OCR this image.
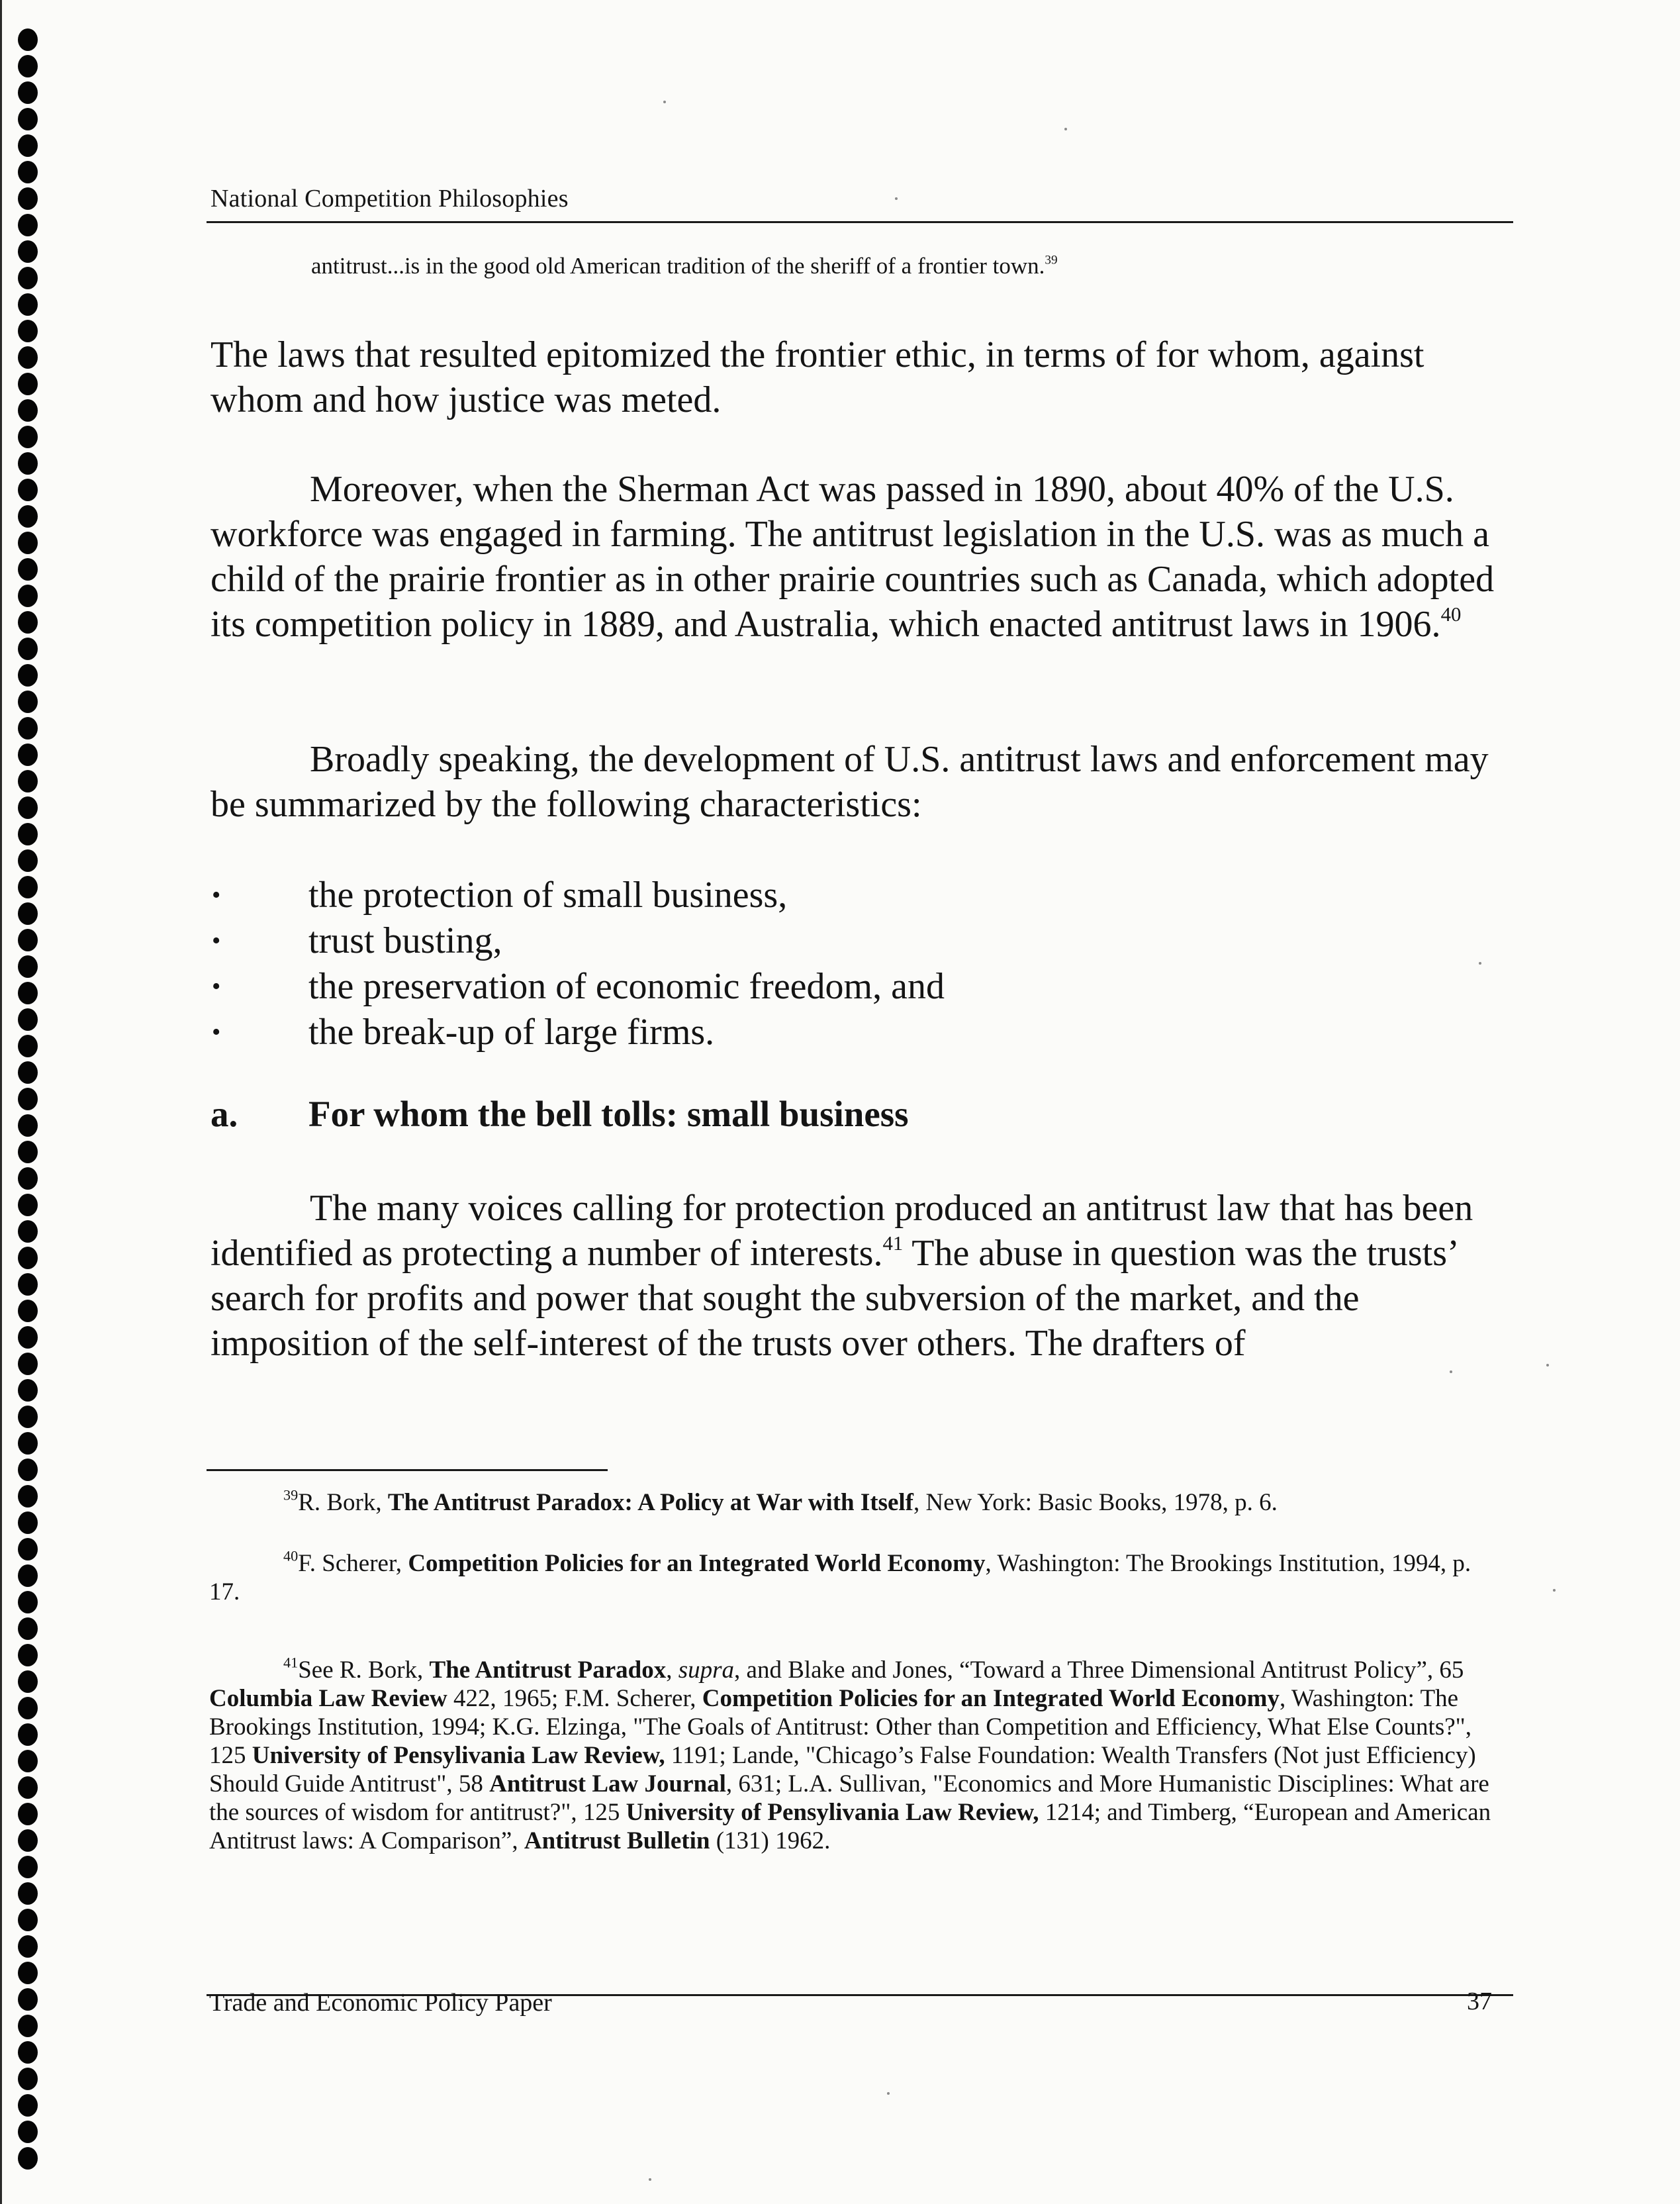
National Competition Philosophies
antitrust...is in the good old American tradition of the sheriff of a frontier town.$^{39}$
The laws that resulted epitomized the frontier ethic, in terms of for whom, against whom and how justice was meted.
Moreover, when the Sherman Act was passed in 1890, about 40% of the U.S. workforce was engaged in farming. The antitrust legislation in the U.S. was as much a child of the prairie frontier as in other prairie countries such as Canada, which adopted its competition policy in 1889, and Australia, which enacted antitrust laws in 1906.40
Broadly speaking, the development of U.S. antitrust laws and enforcement may be summarized by the following characteristics:
• the protection of small business,
• trust busting,
• the preservation of economic freedom, and
• the break-up of large firms.
a. For whom the bell tolls: small business
The many voices calling for protection produced an antitrust law that has been identified as protecting a number of interests.$^{41}$ The abuse in question was the trusts’ search for profits and power that sought the subversion of the market, and the imposition of the self-interest of the trusts over others. The drafters of
$^{39}$R. Bork, The Antitrust Paradox: A Policy at War with Itself, New York: Basic Books, 1978, p. 6.
$^{40}$F. Scherer, Competition Policies for an Integrated World Economy, Washington: The Brookings Institution, 1994, p. 17.
$^{41}$See R. Bork, The Antitrust Paradox, supra, and Blake and Jones, “Toward a Three Dimensional Antitrust Policy”, 65 Columbia Law Review 422, 1965; F.M. Scherer, Competition Policies for an Integrated World Economy, Washington: The Brookings Institution, 1994; K.G. Elzinga, "The Goals of Antitrust: Other than Competition and Efficiency, What Else Counts?", 125 University of Pensylivania Law Review, 1191; Lande, "Chicago’s False Foundation: Wealth Transfers (Not just Efficiency) Should Guide Antitrust", 58 Antitrust Law Journal, 631; L.A. Sullivan, "Economics and More Humanistic Disciplines: What are the sources of wisdom for antitrust?", 125 University of Pensylivania Law Review, 1214; and Timberg, “European and American Antitrust laws: A Comparison”, Antitrust Bulletin (131) 1962.
Trade and Economic Policy Paper	37
